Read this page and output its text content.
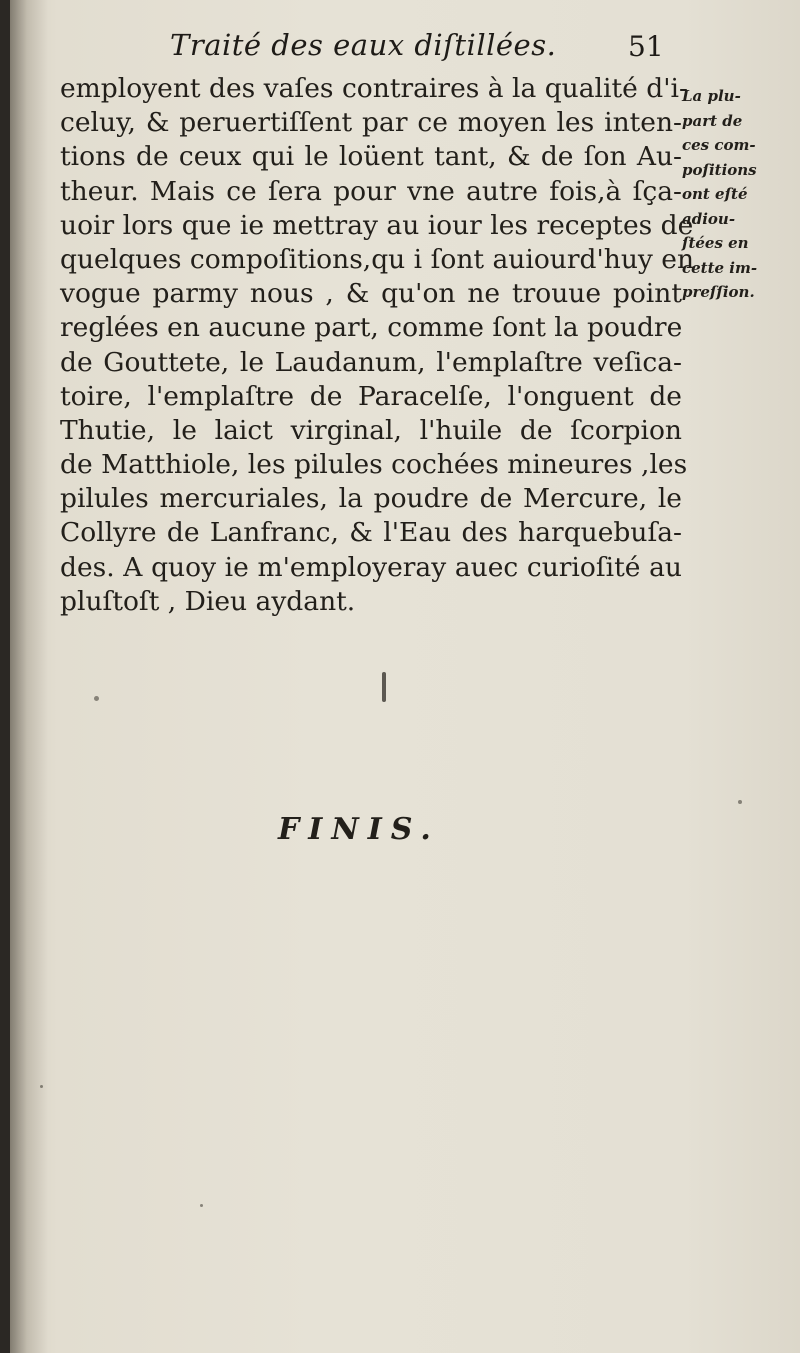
Traité des eaux diſtillées.	51
employent des vaſes contraires à la qualité d'i-
celuy, & peruertiſſent par ce moyen les inten-
tions de ceux qui le loüent tant, & de ſon Au-
theur. Mais ce ſera pour vne autre fois,à ſça-
uoir lors que ie mettray au iour les receptes de
quelques compoſitions,qu i ſont auiourd'huy en
vogue parmy nous , & qu'on ne trouue point
reglées en aucune part, comme ſont la poudre
de Gouttete, le Laudanum, l'emplaſtre veſica-
toire, l'emplaſtre de Paracelſe, l'onguent de
Thutie, le laict virginal, l'huile de ſcorpion
de Matthiole, les pilules cochées mineures ,les
pilules mercuriales, la poudre de Mercure, le
Collyre de Lanfranc, & l'Eau des harquebuſa-
des. A quoy ie m'employeray auec curioſité au
pluſtoſt , Dieu aydant.
La plu-
part de
ces com-
poſitions
ont eſté
adiou-
ſtées en
cette im-
preſſion.
FINIS.
